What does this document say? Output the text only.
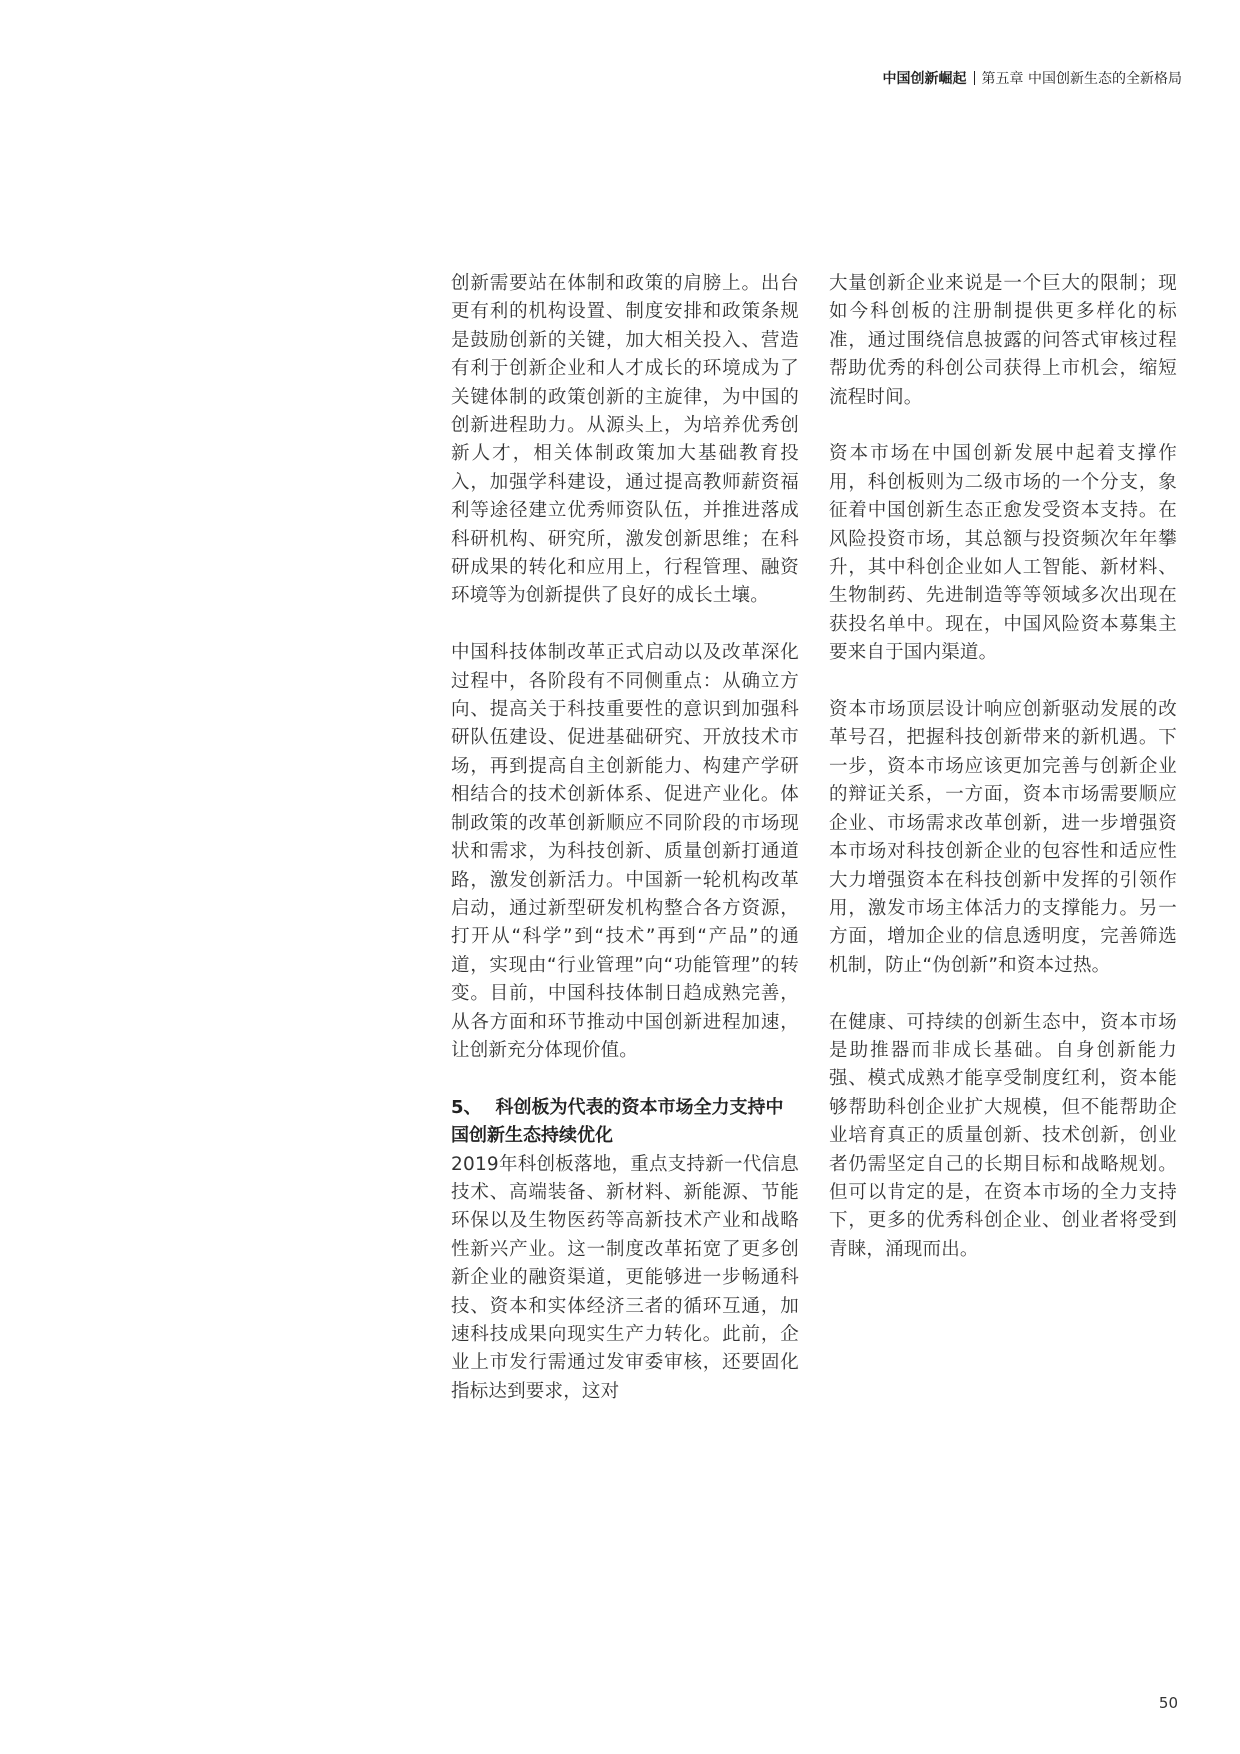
中国创新崛起 第五章 中国创新生态的全新格局

创新需要站在体制和政策的肩膀上。出台更有利的机构设置、制度安排和政策条规是鼓励创新的关键，加大相关投入、营造有利于创新企业和人才成长的环境成为了关键体制的政策创新的主旋律，为中国的创新进程助力。从源头上，为培养优秀创新人才，相关体制政策加大基础教育投入，加强学科建设，通过提高教师薪资福利等途径建立优秀师资队伍，并推进落成科研机构、研究所，激发创新思维；在科研成果的转化和应用上，行程管理、融资环境等为创新提供了良好的成长土壤。

中国科技体制改革正式启动以及改革深化过程中，各阶段有不同侧重点：从确立方向、提高关于科技重要性的意识到加强科研队伍建设、促进基础研究、开放技术市场，再到提高自主创新能力、构建产学研相结合的技术创新体系、促进产业化。体制政策的改革创新顺应不同阶段的市场现状和需求，为科技创新、质量创新打通道路，激发创新活力。中国新一轮机构改革启动，通过新型研发机构整合各方资源，打开从“科学”到“技术”再到“产品”的通道，实现由“行业管理”向“功能管理”的转变。目前，中国科技体制日趋成熟完善，从各方面和环节推动中国创新进程加速，让创新充分体现价值。

5、 科创板为代表的资本市场全力支持中国创新生态持续优化

2019年科创板落地，重点支持新一代信息技术、高端装备、新材料、新能源、节能环保以及生物医药等高新技术产业和战略性新兴产业。这一制度改革拓宽了更多创新企业的融资渠道，更能够进一步畅通科技、资本和实体经济三者的循环互通，加速科技成果向现实生产力转化。此前，企业上市发行需通过发审委审核，还要固化指标达到要求，这对

大量创新企业来说是一个巨大的限制；现如今科创板的注册制提供更多样化的标准，通过围绕信息披露的问答式审核过程帮助优秀的科创公司获得上市机会，缩短流程时间。

资本市场在中国创新发展中起着支撑作用，科创板则为二级市场的一个分支，象征着中国创新生态正愈发受资本支持。在风险投资市场，其总额与投资频次年年攀升，其中科创企业如人工智能、新材料、生物制药、先进制造等等领域多次出现在获投名单中。现在，中国风险资本募集主要来自于国内渠道。

资本市场顶层设计响应创新驱动发展的改革号召，把握科技创新带来的新机遇。下一步，资本市场应该更加完善与创新企业的辩证关系，一方面，资本市场需要顺应企业、市场需求改革创新，进一步增强资本市场对科技创新企业的包容性和适应性大力增强资本在科技创新中发挥的引领作用，激发市场主体活力的支撑能力。另一方面，增加企业的信息透明度，完善筛选机制，防止“伪创新”和资本过热。

在健康、可持续的创新生态中，资本市场是助推器而非成长基础。自身创新能力强、模式成熟才能享受制度红利，资本能够帮助科创企业扩大规模，但不能帮助企业培育真正的质量创新、技术创新，创业者仍需坚定自己的长期目标和战略规划。但可以肯定的是，在资本市场的全力支持下，更多的优秀科创企业、创业者将受到青睐，涌现而出。

50
